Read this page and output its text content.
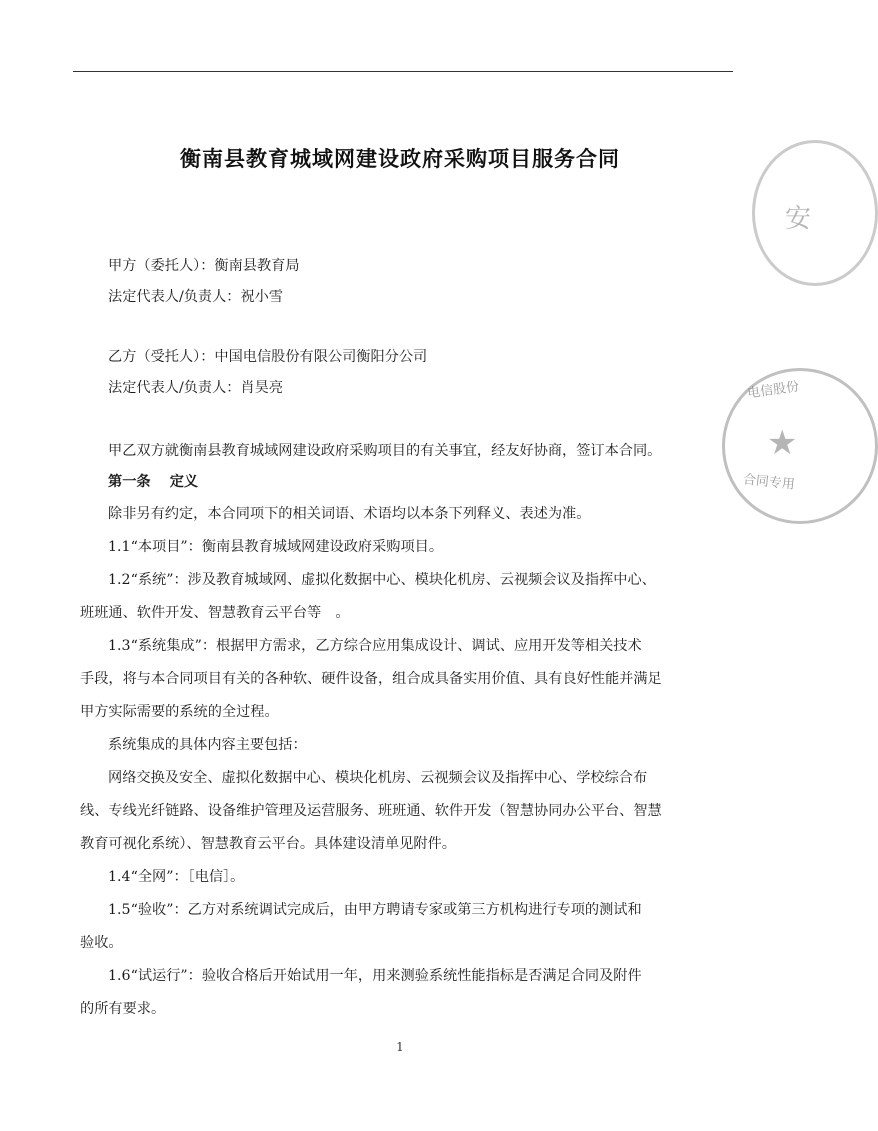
衡南县教育城域网建设政府采购项目服务合同
甲方（委托人）：衡南县教育局
法定代表人/负责人：祝小雪
乙方（受托人）：中国电信股份有限公司衡阳分公司
法定代表人/负责人：肖昊亮
甲乙双方就衡南县教育城域网建设政府采购项目的有关事宜，经友好协商，签订本合同。
第一条　 定义
除非另有约定，本合同项下的相关词语、术语均以本条下列释义、表述为准。
1.1“本项目”：衡南县教育城域网建设政府采购项目。
1.2“系统”：涉及教育城域网、虚拟化数据中心、模块化机房、云视频会议及指挥中心、
班班通、软件开发、智慧教育云平台等　。
1.3“系统集成”：根据甲方需求，乙方综合应用集成设计、调试、应用开发等相关技术
手段，将与本合同项目有关的各种软、硬件设备，组合成具备实用价值、具有良好性能并满足
甲方实际需要的系统的全过程。
系统集成的具体内容主要包括：
网络交换及安全、虚拟化数据中心、模块化机房、云视频会议及指挥中心、学校综合布
线、专线光纤链路、设备维护管理及运营服务、班班通、软件开发（智慧协同办公平台、智慧
教育可视化系统）、智慧教育云平台。具体建设清单见附件。
1.4“全网”：［电信］。
1.5“验收”：乙方对系统调试完成后，由甲方聘请专家或第三方机构进行专项的测试和
验收。
1.6“试运行”：验收合格后开始试用一年，用来测验系统性能指标是否满足合同及附件
的所有要求。
1
安
电信股份
★
合同专用
